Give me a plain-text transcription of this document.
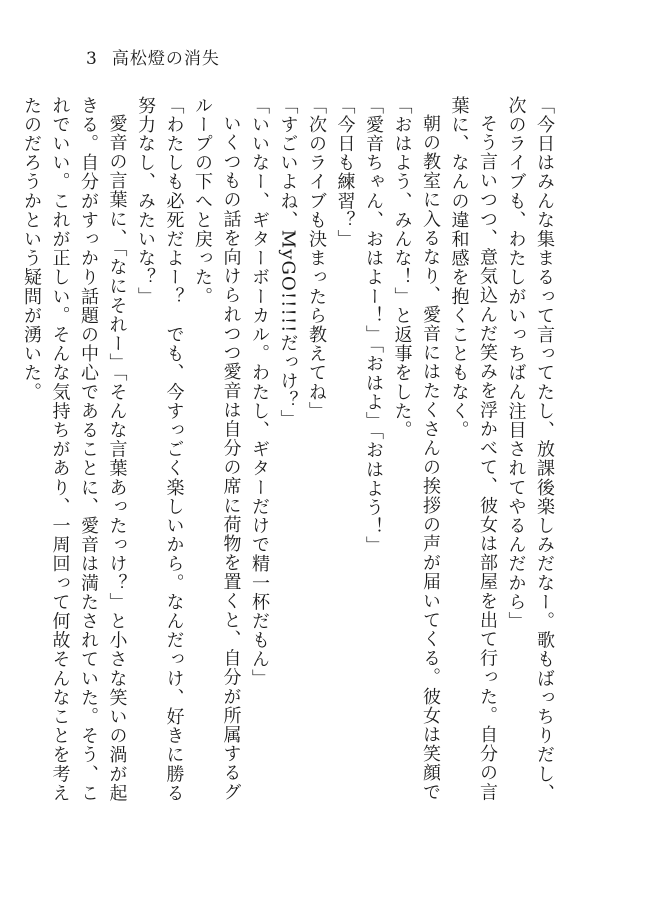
3 高松燈の消失

「今日はみんな集まるって言ってたし、放課後楽しみだなー。歌もばっちりだし、次のライブも、わたしがいっちばん注目されてやるんだから」

そう言いつつ、意気込んだ笑みを浮かべて、彼女は部屋を出て行った。自分の言葉に、なんの違和感を抱くこともなく。

朝の教室に入るなり、愛音にはたくさんの挨拶の声が届いてくる。彼女は笑顔で「おはよう、みんな！」と返事をした。

「愛音ちゃん、おはよー！」「おはよ」「おはよう！」

「今日も練習？」

「次のライブも決まったら教えてね」

「すごいよね、MyGO!!!!!だっけ？」

「いいなー、ギターボーカル。わたし、ギターだけで精一杯だもん」

いくつもの話を向けられつつ愛音は自分の席に荷物を置くと、自分が所属するグループの下へと戻った。

「わたしも必死だよー？　でも、今すっごく楽しいから。なんだっけ、好きに勝る努力なし、みたいな？」

愛音の言葉に、「なにそれー」「そんな言葉あったっけ？」と小さな笑いの渦が起きる。自分がすっかり話題の中心であることに、愛音は満たされていた。そう、これでいい。これが正しい。そんな気持ちがあり、一周回って何故そんなことを考えたのだろうかという疑問が湧いた。
